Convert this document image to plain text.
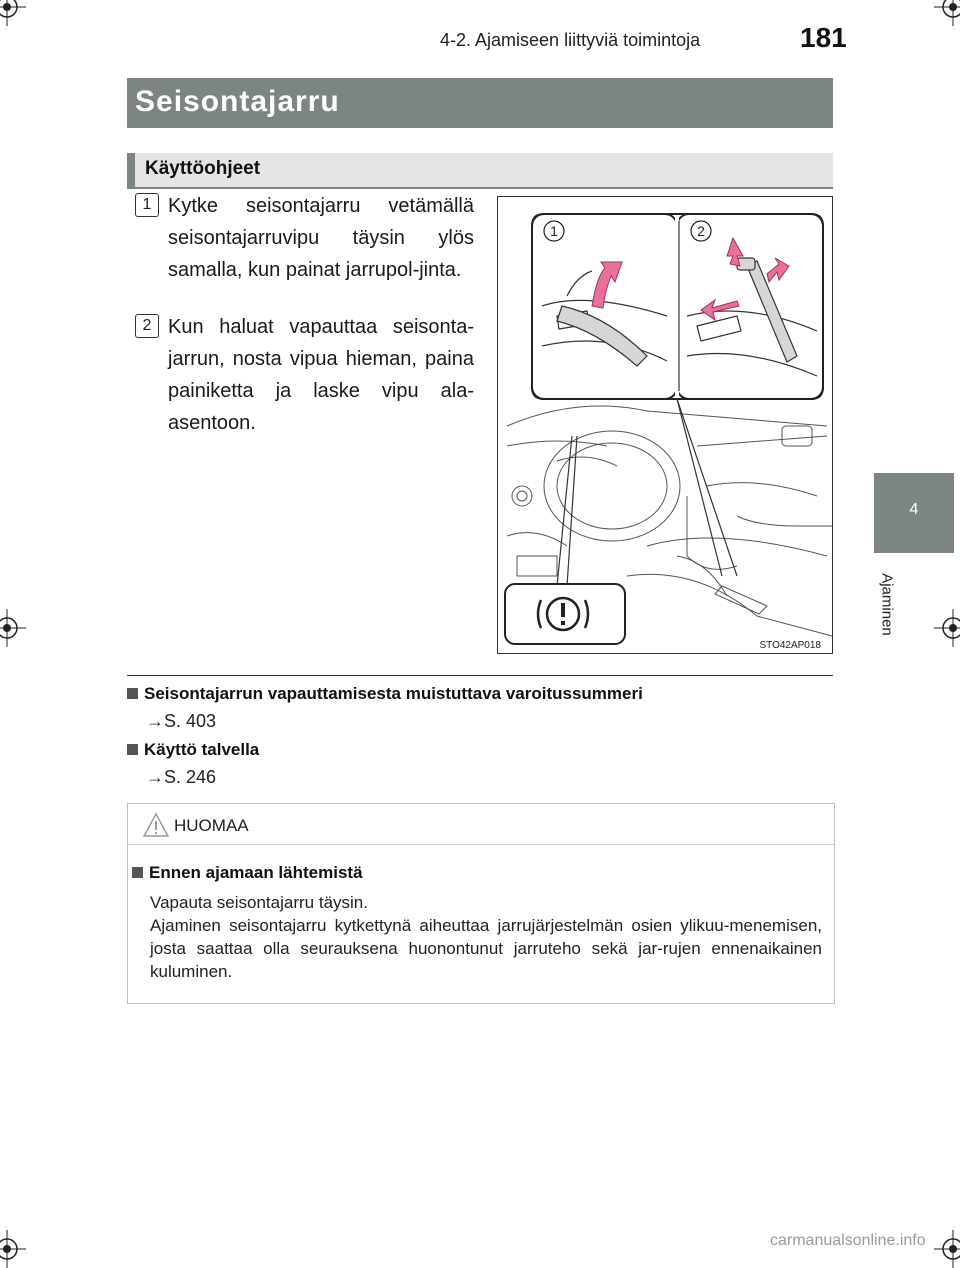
4-2. Ajamiseen liittyviä toimintoja	181
Seisontajarru
Käyttöohjeet
4
Ajaminen
1 Kytke seisontajarru vetämällä seisontajarruvipu täysin ylös samalla, kun painat jarrupol-jinta.
2 Kun haluat vapauttaa seisonta-jarrun, nosta vipua hieman, paina painiketta ja laske vipu ala-asentoon.
1	2
STO42AP018
Seisontajarrun vapauttamisesta muistuttava varoitussummeri
→S. 403
Käyttö talvella
→S. 246
HUOMAA
Ennen ajamaan lähtemistä
Vapauta seisontajarru täysin.
Ajaminen seisontajarru kytkettynä aiheuttaa jarrujärjestelmän osien ylikuu-menemisen, josta saattaa olla seurauksena huonontunut jarruteho sekä jar-rujen ennenaikainen kuluminen.
carmanualsonline.info
